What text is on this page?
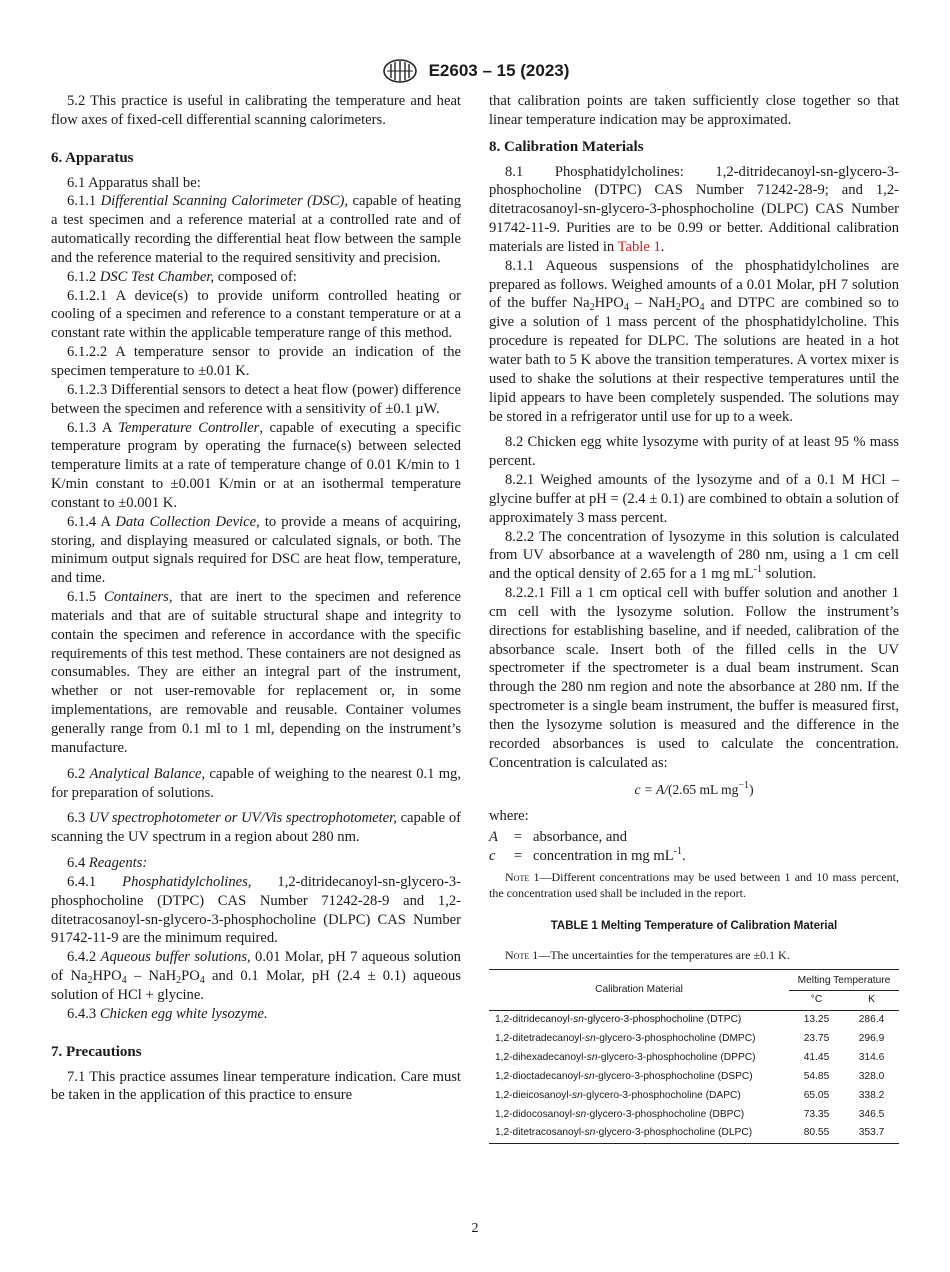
E2603 – 15 (2023)

5.2 This practice is useful in calibrating the temperature and heat flow axes of fixed-cell differential scanning calorimeters.

6. Apparatus

6.1 Apparatus shall be:

6.1.1 Differential Scanning Calorimeter (DSC), capable of heating a test specimen and a reference material at a controlled rate and of automatically recording the differential heat flow between the sample and the reference material to the required sensitivity and precision.

6.1.2 DSC Test Chamber, composed of:

6.1.2.1 A device(s) to provide uniform controlled heating or cooling of a specimen and reference to a constant temperature or at a constant rate within the applicable temperature range of this method.

6.1.2.2 A temperature sensor to provide an indication of the specimen temperature to ±0.01 K.

6.1.2.3 Differential sensors to detect a heat flow (power) difference between the specimen and reference with a sensitivity of ±0.1 µW.

6.1.3 A Temperature Controller, capable of executing a specific temperature program by operating the furnace(s) between selected temperature limits at a rate of temperature change of 0.01 K/min to 1 K/min constant to ±0.001 K/min or at an isothermal temperature constant to ±0.001 K.

6.1.4 A Data Collection Device, to provide a means of acquiring, storing, and displaying measured or calculated signals, or both. The minimum output signals required for DSC are heat flow, temperature, and time.

6.1.5 Containers, that are inert to the specimen and reference materials and that are of suitable structural shape and integrity to contain the specimen and reference in accordance with the specific requirements of this test method. These containers are not designed as consumables. They are either an integral part of the instrument, whether or not user-removable for replacement or, in some implementations, are removable and reusable. Container volumes generally range from 0.1 ml to 1 ml, depending on the instrument’s manufacture.

6.2 Analytical Balance, capable of weighing to the nearest 0.1 mg, for preparation of solutions.

6.3 UV spectrophotometer or UV/Vis spectrophotometer, capable of scanning the UV spectrum in a region about 280 nm.

6.4 Reagents:

6.4.1 Phosphatidylcholines, 1,2-ditridecanoyl-sn-glycero-3-phosphocholine (DTPC) CAS Number 71242-28-9 and 1,2-ditetracosanoyl-sn-glycero-3-phosphocholine (DLPC) CAS Number 91742-11-9 are the minimum required.

6.4.2 Aqueous buffer solutions, 0.01 Molar, pH 7 aqueous solution of $Na_2HPO_4 - NaH_2PO_4$ and 0.1 Molar, pH (2.4 ± 0.1) aqueous solution of HCl + glycine.

6.4.3 Chicken egg white lysozyme.

7. Precautions

7.1 This practice assumes linear temperature indication. Care must be taken in the application of this practice to ensure

that calibration points are taken sufficiently close together so that linear temperature indication may be approximated.

8. Calibration Materials

8.1 Phosphatidylcholines: 1,2-ditridecanoyl-sn-glycero-3-phosphocholine (DTPC) CAS Number 71242-28-9; and 1,2-ditetracosanoyl-sn-glycero-3-phosphocholine (DLPC) CAS Number 91742-11-9. Purities are to be 0.99 or better. Additional calibration materials are listed in Table 1.

8.1.1 Aqueous suspensions of the phosphatidylcholines are prepared as follows. Weighed amounts of a 0.01 Molar, pH 7 solution of the buffer $Na_2HPO_4 - NaH_2PO_4$ and DTPC are combined so to give a solution of 1 mass percent of the phosphatidylcholine. This procedure is repeated for DLPC. The solutions are heated in a hot water bath to 5 K above the transition temperatures. A vortex mixer is used to shake the solutions at their respective temperatures until the lipid appears to have been completely suspended. The solutions may be stored in a refrigerator until use for up to a week.

8.2 Chicken egg white lysozyme with purity of at least 95 % mass percent.

8.2.1 Weighed amounts of the lysozyme and of a 0.1 M HCl – glycine buffer at pH = (2.4 ± 0.1) are combined to obtain a solution of approximately 3 mass percent.

8.2.2 The concentration of lysozyme in this solution is calculated from UV absorbance at a wavelength of 280 nm, using a 1 cm cell and the optical density of 2.65 for a 1 mg $mL^{-1}$ solution.

8.2.2.1 Fill a 1 cm optical cell with buffer solution and another 1 cm cell with the lysozyme solution. Follow the instrument’s directions for establishing baseline, and if needed, calibration of the absorbance scale. Insert both of the filled cells in the UV spectrometer if the spectrometer is a dual beam instrument. Scan through the 280 nm region and note the absorbance at 280 nm. If the spectrometer is a single beam instrument, the buffer is measured first, then the lysozyme solution is measured and the difference in the recorded absorbances is used to calculate the concentration. Concentration is calculated as:

c = A/(2.65 mL $mg^{-1}$)

where:

A	= absorbance, and
c	= concentration in mg $mL^{-1}$.

Note 1—Different concentrations may be used between 1 and 10 mass percent, the concentration used shall be included in the report.

TABLE 1 Melting Temperature of Calibration Material

Note 1—The uncertainties for the temperatures are ±0.1 K.

Calibration Material	Melting Temperature	
	°C	K
1,2-ditridecanoyl-sn-glycero-3-phosphocholine (DTPC)	13.25	286.4
1,2-ditetradecanoyl-sn-glycero-3-phosphocholine (DMPC)	23.75	296.9
1,2-dihexadecanoyl-sn-glycero-3-phosphocholine (DPPC)	41.45	314.6
1,2-dioctadecanoyl-sn-glycero-3-phosphocholine (DSPC)	54.85	328.0
1,2-dieicosanoyl-sn-glycero-3-phosphocholine (DAPC)	65.05	338.2
1,2-didocosanoyl-sn-glycero-3-phosphocholine (DBPC)	73.35	346.5
1,2-ditetracosanoyl-sn-glycero-3-phosphocholine (DLPC)	80.55	353.7
2
